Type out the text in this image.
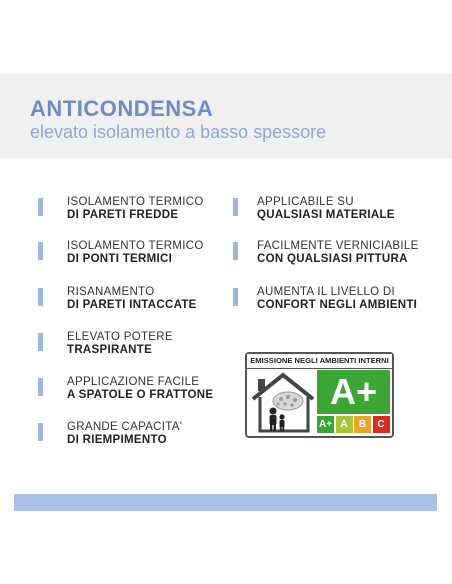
ANTICONDENSA
elevato isolamento a basso spessore
ISOLAMENTO TERMICO
DI PARETI FREDDE
ISOLAMENTO TERMICO
DI PONTI TERMICI
RISANAMENTO
DI PARETI INTACCATE
ELEVATO POTERE
TRASPIRANTE
APPLICAZIONE FACILE
A SPATOLE O FRATTONE
GRANDE CAPACITA'
DI RIEMPIMENTO
APPLICABILE SU
QUALSIASI MATERIALE
FACILMENTE VERNICIABILE
CON QUALSIASI PITTURA
AUMENTA IL LIVELLO DI
CONFORT NEGLI AMBIENTI
EMISSIONE NEGLI AMBIENTI INTERNI
A+
A+ A	B	C
